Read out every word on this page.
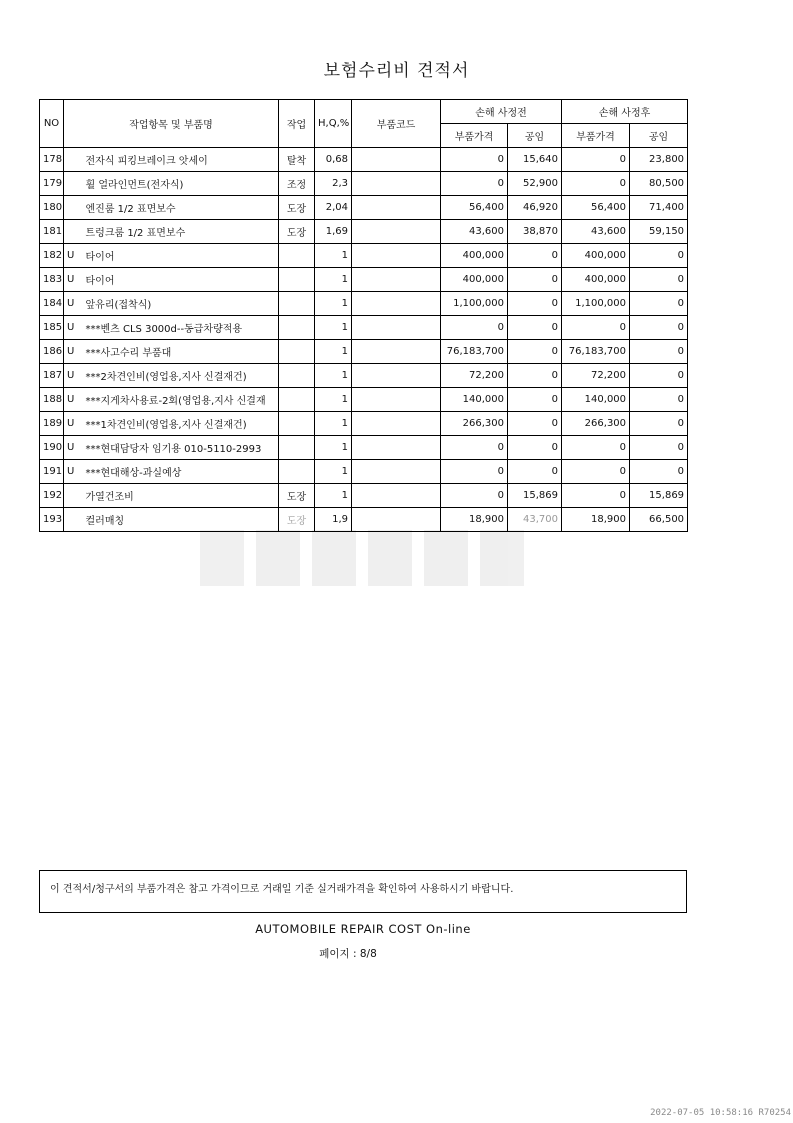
보험수리비 견적서
NO	작업항목 및 부품명		작업	H,Q,%	부품코드	손해 사정전		손해 사정후	
						부품가격	공임	부품가격	공임
178		전자식 피킹브레이크 앗세이	탈착	0,68		0	15,640	0	23,800
179		휠 얼라인먼트(전자식)	조정	2,3		0	52,900	0	80,500
180		엔진룸 1/2 표면보수	도장	2,04		56,400	46,920	56,400	71,400
181		트렁크룸 1/2 표면보수	도장	1,69		43,600	38,870	43,600	59,150
182	U	타이어		1		400,000	0	400,000	0
183	U	타이어		1		400,000	0	400,000	0
184	U	앞유리(접착식)		1		1,100,000	0	1,100,000	0
185	U	***벤츠 CLS 3000d--동급차량적용		1		0	0	0	0
186	U	***사고수리 부품대		1		76,183,700	0	76,183,700	0
187	U	***2차견인비(영업용,지사 신결재건)		1		72,200	0	72,200	0
188	U	***지게차사용료-2회(영업용,지사 신결재		1		140,000	0	140,000	0
189	U	***1차견인비(영업용,지사 신결재건)		1		266,300	0	266,300	0
190	U	***현대담당자 임기용 010-5110-2993		1		0	0	0	0
191	U	***현대해상-과실예상		1		0	0	0	0
192		가열건조비	도장	1		0	15,869	0	15,869
193		컬러매칭	도장	1,9		18,900	43,700	18,900	66,500
이 견적서/청구서의 부품가격은 참고 가격이므로 거래일 기준 실거래가격을 확인하여 사용하시기 바랍니다.
AUTOMOBILE REPAIR COST On-line
페이지 : 8/8
2022-07-05 10:58:16 R70254
